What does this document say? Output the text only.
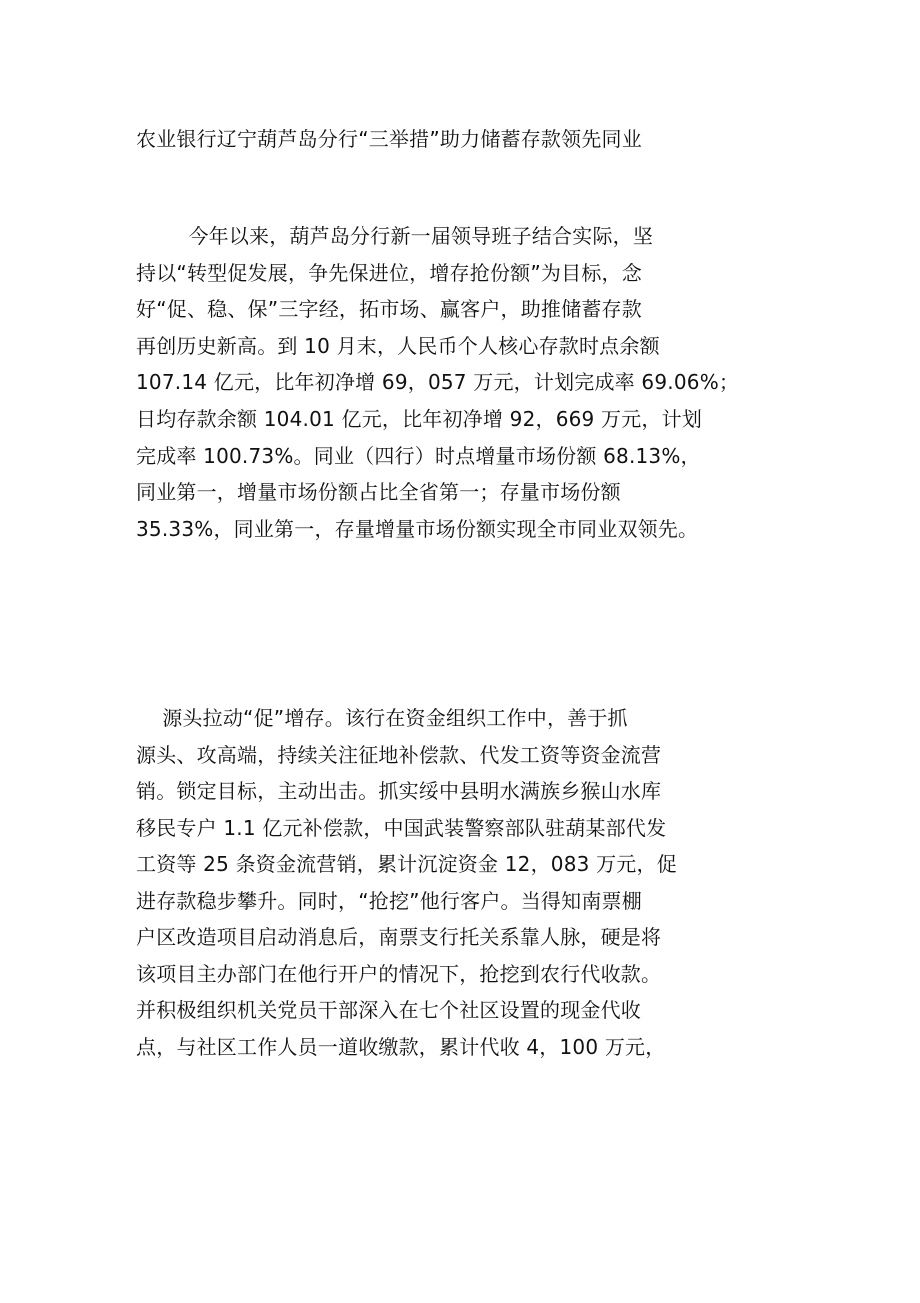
农业银行辽宁葫芦岛分行“三举措”助力储蓄存款领先同业
今年以来，葫芦岛分行新一届领导班子结合实际，坚
持以“转型促发展，争先保进位，增存抢份额”为目标，念
好“促、稳、保”三字经，拓市场、赢客户，助推储蓄存款
再创历史新高。到 10 月末，人民币个人核心存款时点余额
107.14 亿元，比年初净增 69，057 万元，计划完成率 69.06%；
日均存款余额 104.01 亿元，比年初净增 92，669 万元，计划
完成率 100.73%。同业（四行）时点增量市场份额 68.13%，
同业第一，增量市场份额占比全省第一；存量市场份额
35.33%，同业第一，存量增量市场份额实现全市同业双领先。
源头拉动“促”增存。该行在资金组织工作中，善于抓
源头、攻高端，持续关注征地补偿款、代发工资等资金流营
销。锁定目标，主动出击。抓实绥中县明水满族乡猴山水库
移民专户 1.1 亿元补偿款，中国武装警察部队驻葫某部代发
工资等 25 条资金流营销，累计沉淀资金 12，083 万元，促
进存款稳步攀升。同时，“抢挖”他行客户。当得知南票棚
户区改造项目启动消息后，南票支行托关系靠人脉，硬是将
该项目主办部门在他行开户的情况下，抢挖到农行代收款。
并积极组织机关党员干部深入在七个社区设置的现金代收
点，与社区工作人员一道收缴款，累计代收 4，100 万元，
